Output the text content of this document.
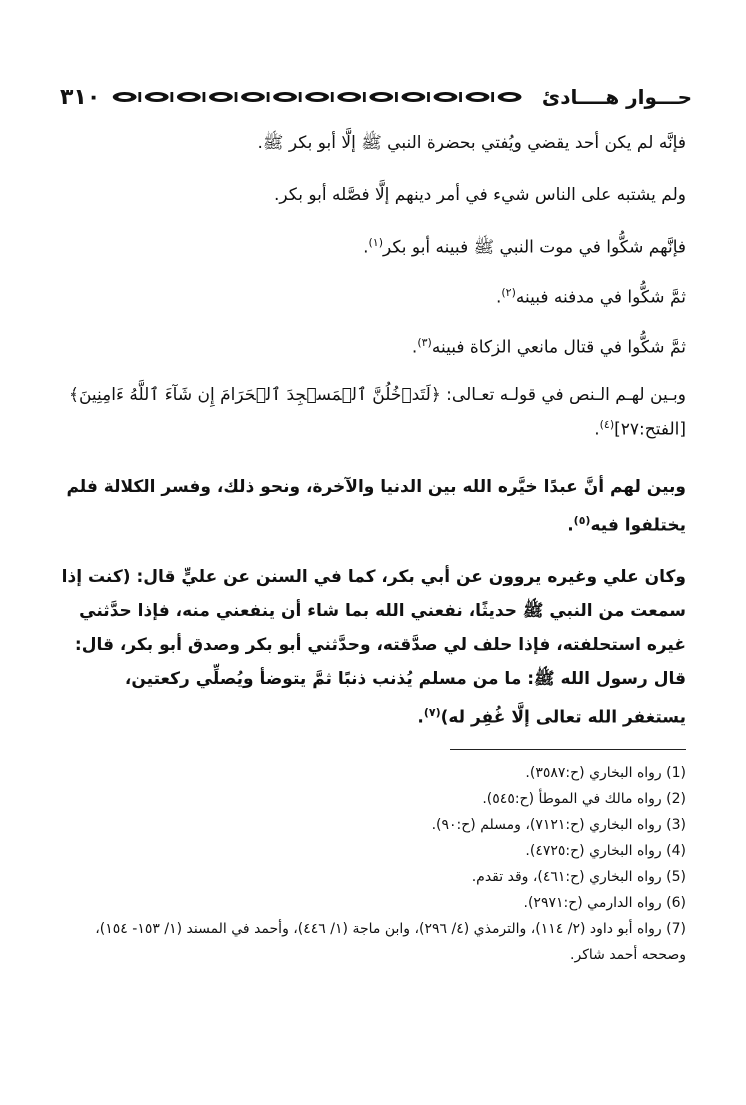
٣١٠	حـــوار هــــادئ

فإنَّه لم يكن أحد يقضي ويُفتي بحضرة النبي ﷺ إلَّا أبو بكر ﷺ.

ولم يشتبه على الناس شيء في أمر دينهم إلَّا فصَّله أبو بكر.

فإنَّهم شكُّوا في موت النبي ﷺ فبينه أبو بكر$^{(١)}$.

ثمَّ شكُّوا في مدفنه فبينه$^{(٢)}$.

ثمَّ شكُّوا في قتال مانعي الزكاة فبينه$^{(٣)}$.

وبـين لهـم الـنص في قولـه تعـالى: ﴿لَتَدۡخُلُنَّ ٱلۡمَسۡجِدَ ٱلۡحَرَامَ إِن شَآءَ ٱللَّهُ ءَامِنِينَ﴾

[الفتح:٢٧]$^{(٤)}$.

وبين لهم أنَّ عبدًا خيَّره الله بين الدنيا والآخرة، ونحو ذلك، وفسر الكلالة فلم يختلفوا فيه$^{(٥)}$.

وكان علي وغيره يروون عن أبي بكر، كما في السنن عن عليٍّ قال: (كنت إذا سمعت من النبي ﷺ حديثًا، نفعني الله بما شاء أن ينفعني منه، فإذا حدَّثني غيره استحلفته، فإذا حلف لي صدَّقته، وحدَّثني أبو بكر وصدق أبو بكر، قال: قال رسول الله ﷺ: ما من مسلم يُذنب ذنبًا ثمَّ يتوضأ ويُصلِّي ركعتين، يستغفر الله تعالى إلَّا غُفِر له)$^{(٧)}$.

(1) رواه البخاري (ح:٣٥٨٧).

(2) رواه مالك في الموطأ (ح:٥٤٥).

(3) رواه البخاري (ح:٧١٢١)، ومسلم (ح:٩٠).

(4) رواه البخاري (ح:٤٧٢٥).

(5) رواه البخاري (ح:٤٦١)، وقد تقدم.

(6) رواه الدارمي (ح:٢٩٧١).

(7) رواه أبو داود (٢/ ١١٤)، والترمذي (٤/ ٢٩٦)، وابن ماجة (١/ ٤٤٦)، وأحمد في المسند (١/ ١٥٣- ١٥٤)، وصححه أحمد شاكر.
